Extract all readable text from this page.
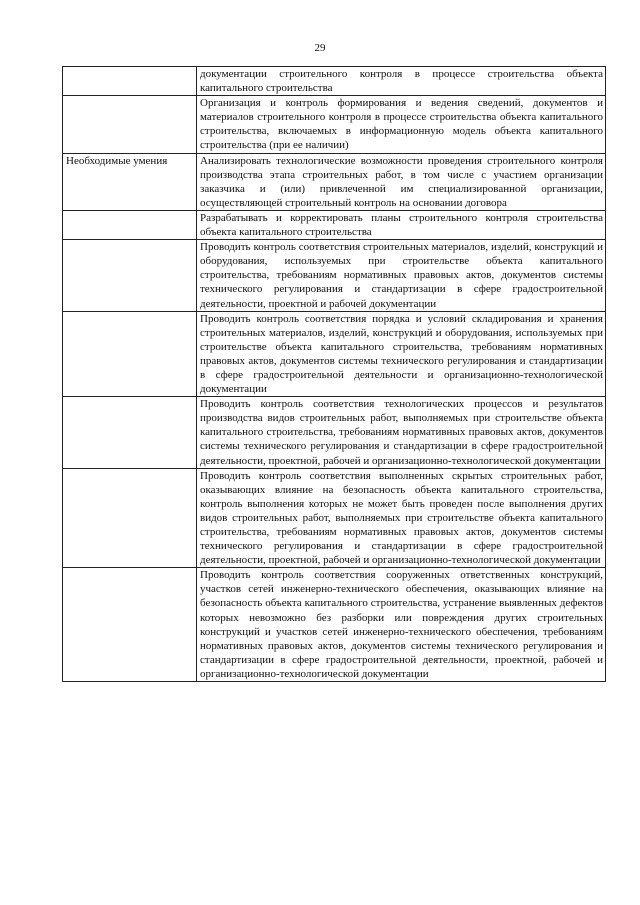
29
	документации строительного контроля в процессе строительства объекта капитального строительства
	Организация и контроль формирования и ведения сведений, документов и материалов строительного контроля в процессе строительства объекта капитального строительства, включаемых в информационную модель объекта капитального строительства (при ее наличии)
Необходимые умения	Анализировать технологические возможности проведения строительного контроля производства этапа строительных работ, в том числе с участием организации заказчика и (или) привлеченной им специализированной организации, осуществляющей строительный контроль на основании договора
	Разрабатывать и корректировать планы строительного контроля строительства объекта капитального строительства
	Проводить контроль соответствия строительных материалов, изделий, конструкций и оборудования, используемых при строительстве объекта капитального строительства, требованиям нормативных правовых актов, документов системы технического регулирования и стандартизации в сфере градостроительной деятельности, проектной и рабочей документации
	Проводить контроль соответствия порядка и условий складирования и хранения строительных материалов, изделий, конструкций и оборудования, используемых при строительстве объекта капитального строительства, требованиям нормативных правовых актов, документов системы технического регулирования и стандартизации в сфере градостроительной деятельности и организационно-технологической документации
	Проводить контроль соответствия технологических процессов и результатов производства видов строительных работ, выполняемых при строительстве объекта капитального строительства, требованиям нормативных правовых актов, документов системы технического регулирования и стандартизации в сфере градостроительной деятельности, проектной, рабочей и организационно-технологической документации
	Проводить контроль соответствия выполненных скрытых строительных работ, оказывающих влияние на безопасность объекта капитального строительства, контроль выполнения которых не может быть проведен после выполнения других видов строительных работ, выполняемых при строительстве объекта капитального строительства, требованиям нормативных правовых актов, документов системы технического регулирования и стандартизации в сфере градостроительной деятельности, проектной, рабочей и организационно-технологической документации
	Проводить контроль соответствия сооруженных ответственных конструкций, участков сетей инженерно-технического обеспечения, оказывающих влияние на безопасность объекта капитального строительства, устранение выявленных дефектов которых невозможно без разборки или повреждения других строительных конструкций и участков сетей инженерно-технического обеспечения, требованиям нормативных правовых актов, документов системы технического регулирования и стандартизации в сфере градостроительной деятельности, проектной, рабочей и организационно-технологической документации
